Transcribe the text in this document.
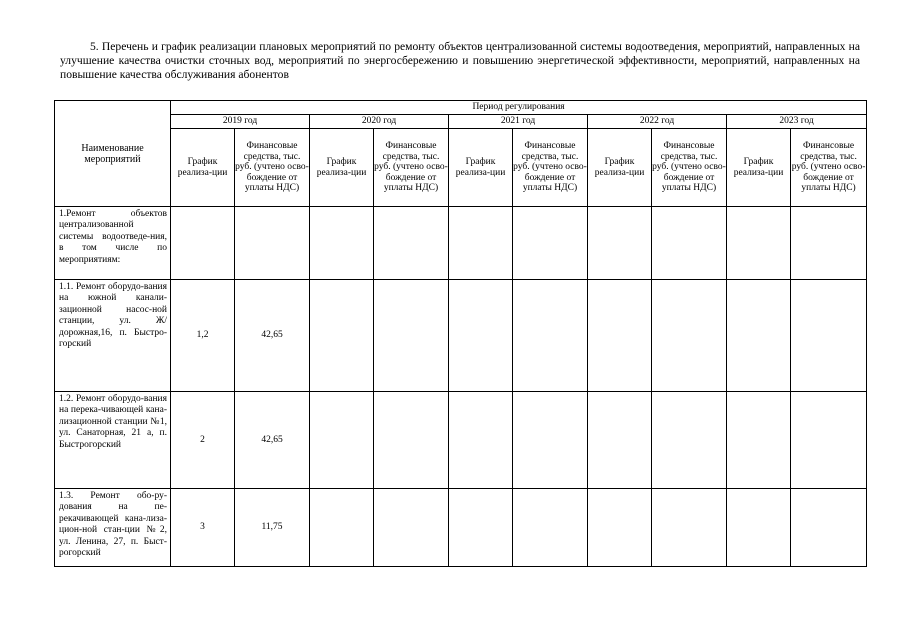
5. Перечень и график реализации плановых мероприятий по ремонту объектов централизованной системы водоотведения, мероприятий, направленных на улучшение качества очистки сточных вод, мероприятий по энергосбережению и повышению энергетической эффективности, мероприятий, направленных на повышение качества обслуживания абонентов
Наименование мероприятий	Период регулирования									
	2019 год		2020 год		2021 год		2022 год		2023 год	
	График реализа-ции	Финансовые средства, тыс. руб. (учтено осво-бождение от уплаты НДС)	График реализа-ции	Финансовые средства, тыс. руб. (учтено осво-бождение от уплаты НДС)	График реализа-ции	Финансовые средства, тыс. руб. (учтено осво-бождение от уплаты НДС)	График реализа-ции	Финансовые средства, тыс. руб. (учтено осво-бождение от уплаты НДС)	График реализа-ции	Финансовые средства, тыс. руб. (учтено осво-бождение от уплаты НДС)
1.Ремонт объектов централизованной системы водоотведе-ния, в том числе по мероприятиям:										
1.1. Ремонт оборудо-вания на южной канали-зационной насос-ной станции, ул. Ж/дорожная,16, п. Быстро-горский	1,2	42,65								
1.2. Ремонт оборудо-вания на перека-чивающей кана-лизационной станции №1, ул. Санаторная, 21 а, п. Быстрогорский	2	42,65								
1.3. Ремонт обо-ру-дования на пе-рекачивающей кана-лиза-цион-ной стан-ции №2, ул. Ленина, 27, п. Быст-рогорский	3	11,75								
